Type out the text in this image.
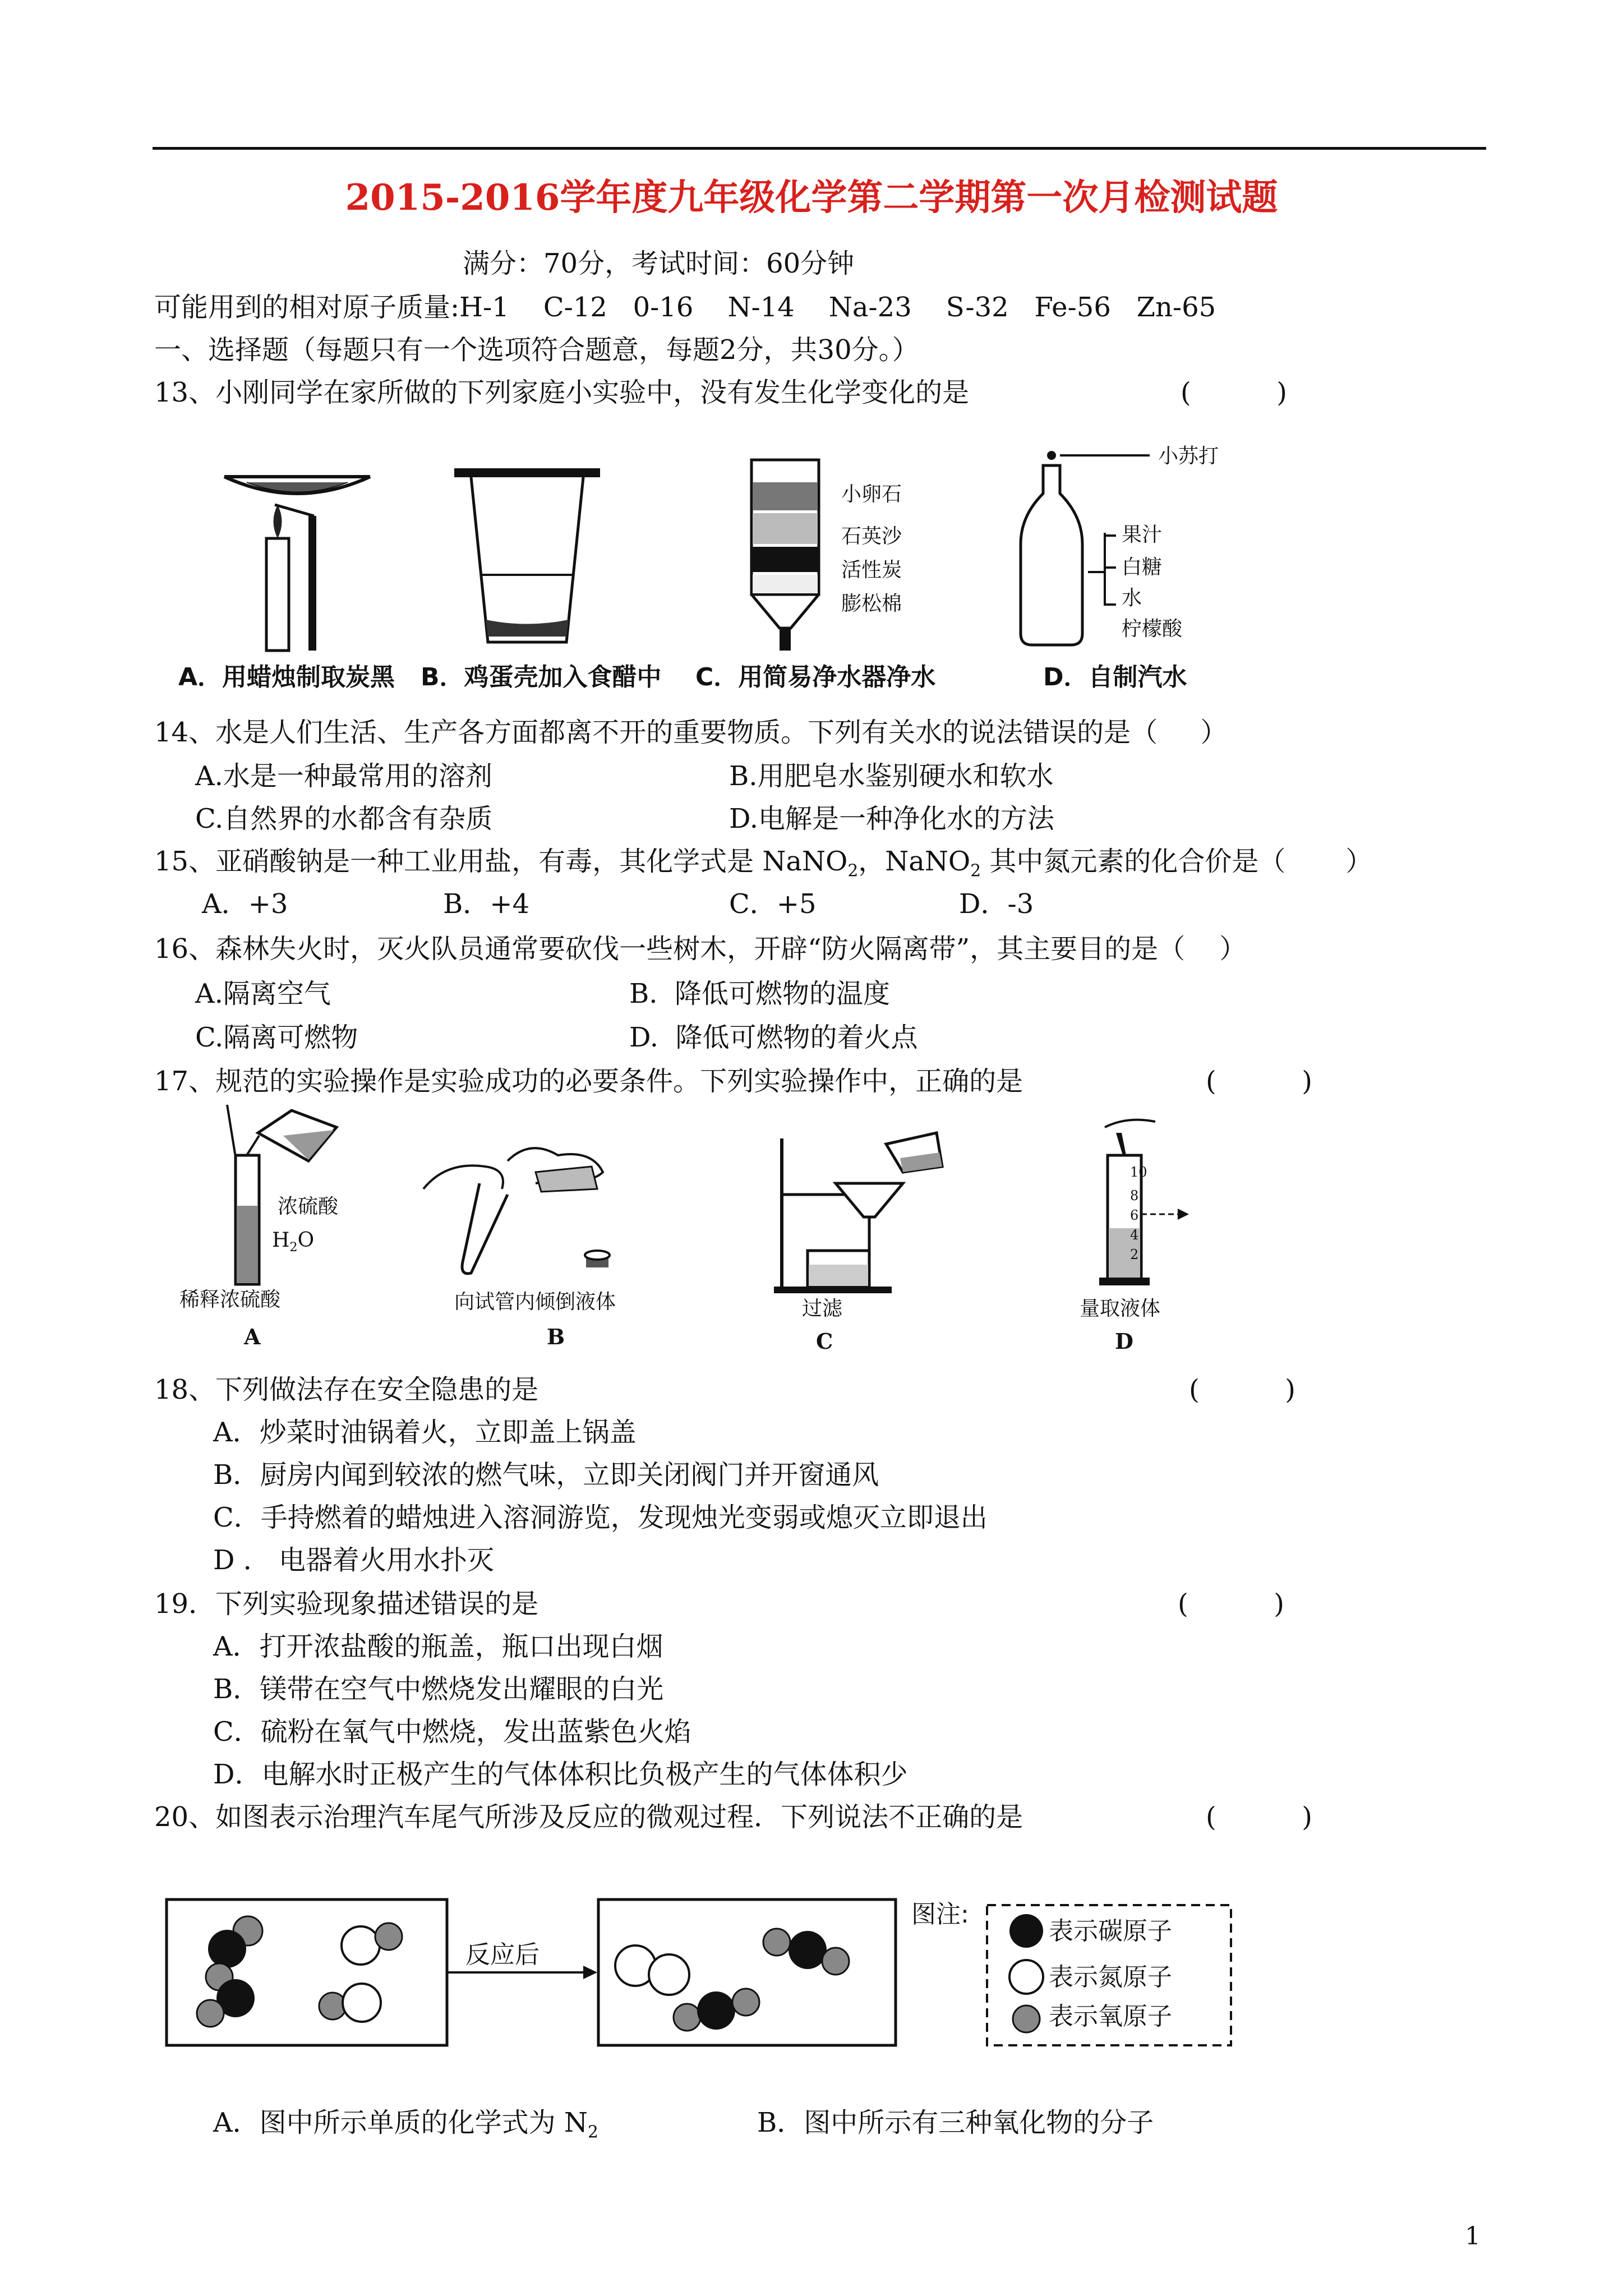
2015-2016学年度九年级化学第二学期第一次月检测试题
满分：70分，考试时间：60分钟
可能用到的相对原子质量:H-1    C-12   0-16    N-14    Na-23    S-32   Fe-56   Zn-65
一、选择题（每题只有一个选项符合题意，每题2分，共30分。）
13、小刚同学在家所做的下列家庭小实验中，没有发生化学变化的是	(          )
小卵石
石英沙
活性炭
膨松棉
小苏打
果汁
白糖
水
柠檬酸
A．用蜡烛制取炭黑 B．鸡蛋壳加入食醋中 C．用简易净水器净水	D．自制汽水
14、水是人们生活、生产各方面都离不开的重要物质。下列有关水的说法错误的是（     ）
A.水是一种最常用的溶剂	B.用肥皂水鉴别硬水和软水
C.自然界的水都含有杂质	D.电解是一种净化水的方法
15、亚硝酸钠是一种工业用盐，有毒，其化学式是 NaNO$_2$，NaNO$_2$ 其中氮元素的化合价是（       ）
A．+3	B．+4	C．+5	D．-3
16、森林失火时，灭火队员通常要砍伐一些树木，开辟“防火隔离带”，其主要目的是（    ）
A.隔离空气	B.  降低可燃物的温度
C.隔离可燃物	D.  降低可燃物的着火点
17、规范的实验操作是实验成功的必要条件。下列实验操作中，正确的是	(          )
浓硫酸
$H_2O$
稀释浓硫酸
A
向试管内倾倒液体
B
过滤
C
10
8
6
4
2
量取液体
D
18、下列做法存在安全隐患的是	(          )
A．炒菜时油锅着火，立即盖上锅盖
B．厨房内闻到较浓的燃气味，立即关闭阀门并开窗通风
C．手持燃着的蜡烛进入溶洞游览，发现烛光变弱或熄灭立即退出
D ． 电器着火用水扑灭
19．下列实验现象描述错误的是	(          )
A．打开浓盐酸的瓶盖，瓶口出现白烟
B．镁带在空气中燃烧发出耀眼的白光
C．硫粉在氧气中燃烧，发出蓝紫色火焰
D．电解水时正极产生的气体体积比负极产生的气体体积少
20、如图表示治理汽车尾气所涉及反应的微观过程．下列说法不正确的是	(          )
反应后
图注:
表示碳原子
表示氮原子
表示氧原子
A．图中所示单质的化学式为 $N_2$	B．图中所示有三种氧化物的分子
1
